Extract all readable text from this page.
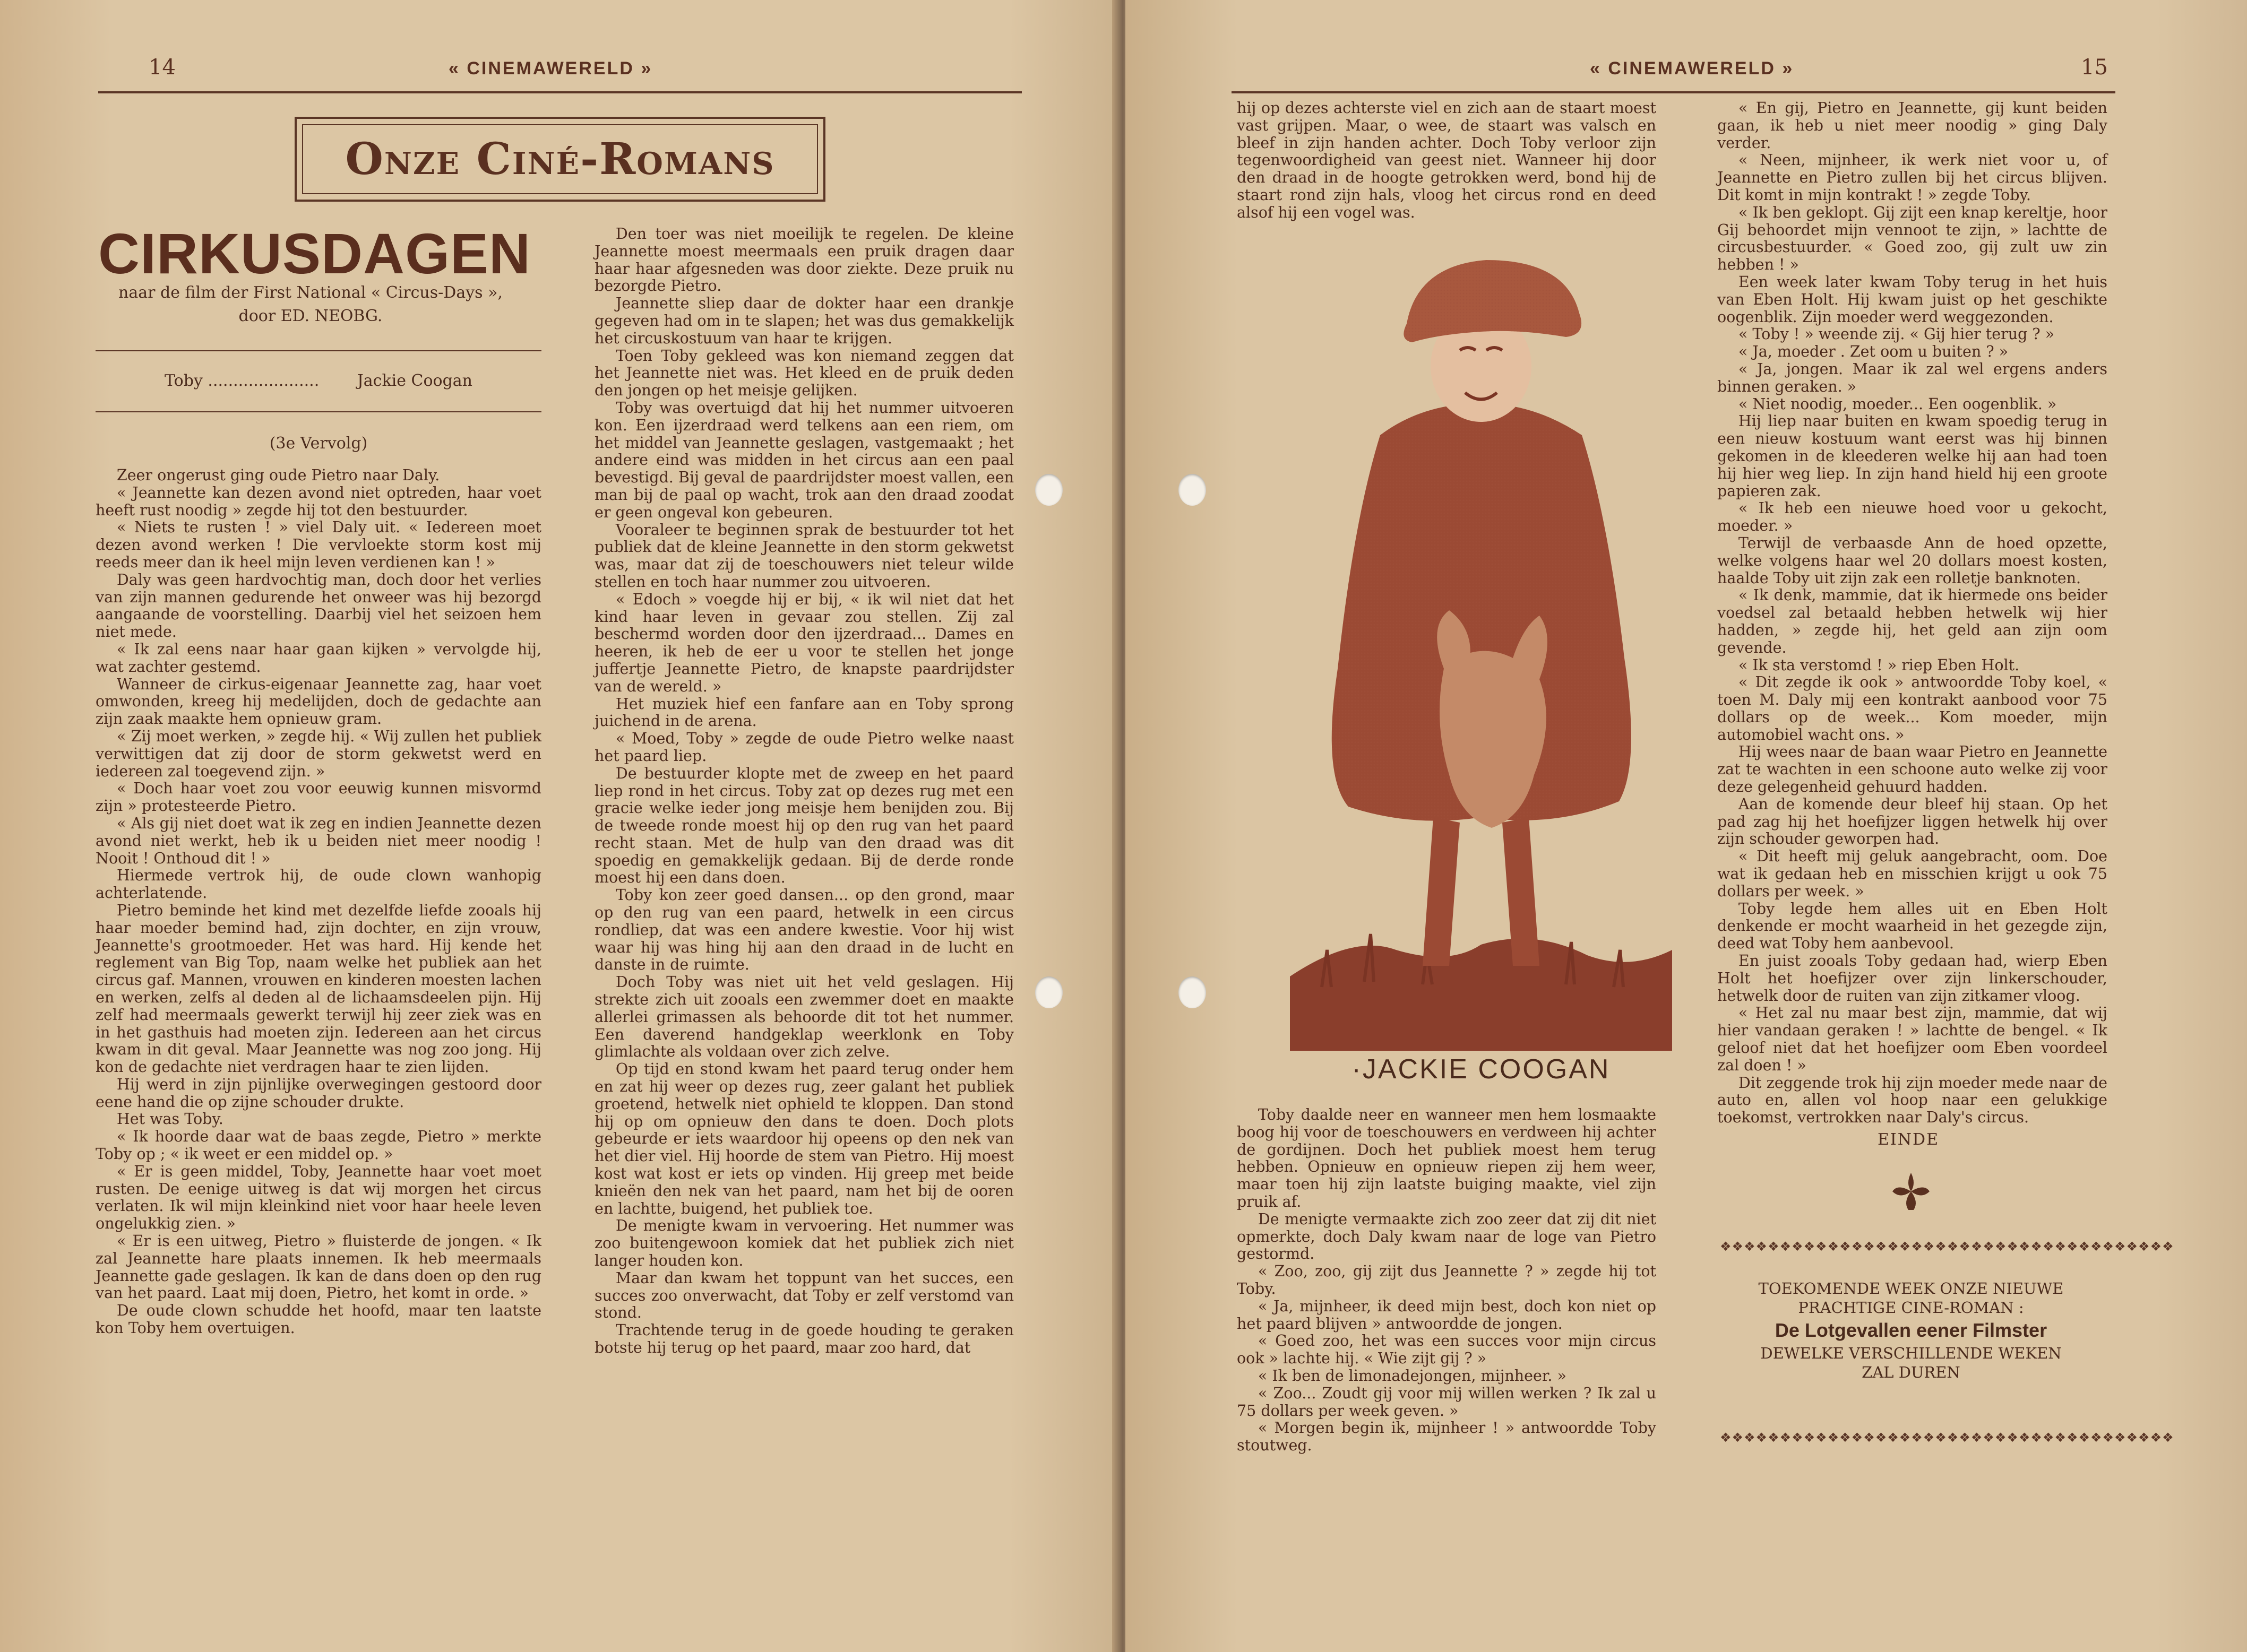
14	« CINEMAWERELD »
Onze Ciné-Romans
CIRKUSDAGEN
naar de film der First National « Circus-Days »,
door ED. NEOBG.
Toby ...................... Jackie Coogan
(3e Vervolg)

Zeer ongerust ging oude Pietro naar Daly.

« Jeannette kan dezen avond niet optreden, haar voet heeft rust noodig » zegde hij tot den bestuurder.

« Niets te rusten ! » viel Daly uit. « Iedereen moet dezen avond werken ! Die vervloekte storm kost mij reeds meer dan ik heel mijn leven verdienen kan ! »

Daly was geen hardvochtig man, doch door het verlies van zijn mannen gedurende het onweer was hij bezorgd aangaande de voorstelling. Daarbij viel het seizoen hem niet mede.

« Ik zal eens naar haar gaan kijken » vervolgde hij, wat zachter gestemd.

Wanneer de cirkus-eigenaar Jeannette zag, haar voet omwonden, kreeg hij medelijden, doch de gedachte aan zijn zaak maakte hem opnieuw gram.

« Zij moet werken, » zegde hij. « Wij zullen het publiek verwittigen dat zij door de storm gekwetst werd en iedereen zal toegevend zijn. »

« Doch haar voet zou voor eeuwig kunnen misvormd zijn » protesteerde Pietro.

« Als gij niet doet wat ik zeg en indien Jeannette dezen avond niet werkt, heb ik u beiden niet meer noodig ! Nooit ! Onthoud dit ! »

Hiermede vertrok hij, de oude clown wanhopig achterlatende.

Pietro beminde het kind met dezelfde liefde zooals hij haar moeder bemind had, zijn dochter, en zijn vrouw, Jeannette's grootmoeder. Het was hard. Hij kende het reglement van Big Top, naam welke het publiek aan het circus gaf. Mannen, vrouwen en kinderen moesten lachen en werken, zelfs al deden al de lichaamsdeelen pijn. Hij zelf had meermaals gewerkt terwijl hij zeer ziek was en in het gasthuis had moeten zijn. Iedereen aan het circus kwam in dit geval. Maar Jeannette was nog zoo jong. Hij kon de gedachte niet verdragen haar te zien lijden.

Hij werd in zijn pijnlijke overwegingen gestoord door eene hand die op zijne schouder drukte.

Het was Toby.

« Ik hoorde daar wat de baas zegde, Pietro » merkte Toby op ; « ik weet er een middel op. »

« Er is geen middel, Toby, Jeannette haar voet moet rusten. De eenige uitweg is dat wij morgen het circus verlaten. Ik wil mijn kleinkind niet voor haar heele leven ongelukkig zien. »

« Er is een uitweg, Pietro » fluisterde de jongen. « Ik zal Jeannette hare plaats innemen. Ik heb meermaals Jeannette gade geslagen. Ik kan de dans doen op den rug van het paard. Laat mij doen, Pietro, het komt in orde. »

De oude clown schudde het hoofd, maar ten laatste kon Toby hem overtuigen.

Den toer was niet moeilijk te regelen. De kleine Jeannette moest meermaals een pruik dragen daar haar haar afgesneden was door ziekte. Deze pruik nu bezorgde Pietro.

Jeannette sliep daar de dokter haar een drankje gegeven had om in te slapen; het was dus gemakkelijk het circuskostuum van haar te krijgen.

Toen Toby gekleed was kon niemand zeggen dat het Jeannette niet was. Het kleed en de pruik deden den jongen op het meisje gelijken.

Toby was overtuigd dat hij het nummer uitvoeren kon. Een ijzerdraad werd telkens aan een riem, om het middel van Jeannette geslagen, vastgemaakt ; het andere eind was midden in het circus aan een paal bevestigd. Bij geval de paardrijdster moest vallen, een man bij de paal op wacht, trok aan den draad zoodat er geen ongeval kon gebeuren.

Vooraleer te beginnen sprak de bestuurder tot het publiek dat de kleine Jeannette in den storm gekwetst was, maar dat zij de toeschouwers niet teleur wilde stellen en toch haar nummer zou uitvoeren.

« Edoch » voegde hij er bij, « ik wil niet dat het kind haar leven in gevaar zou stellen. Zij zal beschermd worden door den ijzerdraad... Dames en heeren, ik heb de eer u voor te stellen het jonge juffertje Jeannette Pietro, de knapste paardrijdster van de wereld. »

Het muziek hief een fanfare aan en Toby sprong juichend in de arena.

« Moed, Toby » zegde de oude Pietro welke naast het paard liep.

De bestuurder klopte met de zweep en het paard liep rond in het circus. Toby zat op dezes rug met een gracie welke ieder jong meisje hem benijden zou. Bij de tweede ronde moest hij op den rug van het paard recht staan. Met de hulp van den draad was dit spoedig en gemakkelijk gedaan. Bij de derde ronde moest hij een dans doen.

Toby kon zeer goed dansen... op den grond, maar op den rug van een paard, hetwelk in een circus rondliep, dat was een andere kwestie. Voor hij wist waar hij was hing hij aan den draad in de lucht en danste in de ruimte.

Doch Toby was niet uit het veld geslagen. Hij strekte zich uit zooals een zwemmer doet en maakte allerlei grimassen als behoorde dit tot het nummer. Een daverend handgeklap weerklonk en Toby glimlachte als voldaan over zich zelve.

Op tijd en stond kwam het paard terug onder hem en zat hij weer op dezes rug, zeer galant het publiek groetend, hetwelk niet ophield te kloppen. Dan stond hij op om opnieuw den dans te doen. Doch plots gebeurde er iets waardoor hij opeens op den nek van het dier viel. Hij hoorde de stem van Pietro. Hij moest kost wat kost er iets op vinden. Hij greep met beide knieën den nek van het paard, nam het bij de ooren en lachtte, buigend, het publiek toe.

De menigte kwam in vervoering. Het nummer was zoo buitengewoon komiek dat het publiek zich niet langer houden kon.

Maar dan kwam het toppunt van het succes, een succes zoo onverwacht, dat Toby er zelf verstomd van stond.

Trachtende terug in de goede houding te geraken botste hij terug op het paard, maar zoo hard, dat

« CINEMAWERELD »	15

hij op dezes achterste viel en zich aan de staart moest vast grijpen. Maar, o wee, de staart was valsch en bleef in zijn handen achter. Doch Toby verloor zijn tegenwoordigheid van geest niet. Wanneer hij door den draad in de hoogte getrokken werd, bond hij de staart rond zijn hals, vloog het circus rond en deed alsof hij een vogel was.

·JACKIE COOGAN

Toby daalde neer en wanneer men hem losmaakte boog hij voor de toeschouwers en verdween hij achter de gordijnen. Doch het publiek moest hem terug hebben. Opnieuw en opnieuw riepen zij hem weer, maar toen hij zijn laatste buiging maakte, viel zijn pruik af.

De menigte vermaakte zich zoo zeer dat zij dit niet opmerkte, doch Daly kwam naar de loge van Pietro gestormd.

« Zoo, zoo, gij zijt dus Jeannette ? » zegde hij tot Toby.

« Ja, mijnheer, ik deed mijn best, doch kon niet op het paard blijven » antwoordde de jongen.

« Goed zoo, het was een succes voor mijn circus ook » lachte hij. « Wie zijt gij ? »

« Ik ben de limonadejongen, mijnheer. »

« Zoo... Zoudt gij voor mij willen werken ? Ik zal u 75 dollars per week geven. »

« Morgen begin ik, mijnheer ! » antwoordde Toby stoutweg.

« En gij, Pietro en Jeannette, gij kunt beiden gaan, ik heb u niet meer noodig » ging Daly verder.

« Neen, mijnheer, ik werk niet voor u, of Jeannette en Pietro zullen bij het circus blijven. Dit komt in mijn kontrakt ! » zegde Toby.

« Ik ben geklopt. Gij zijt een knap kereltje, hoor Gij behoordet mijn vennoot te zijn, » lachtte de circusbestuurder. « Goed zoo, gij zult uw zin hebben ! »

Een week later kwam Toby terug in het huis van Eben Holt. Hij kwam juist op het geschikte oogenblik. Zijn moeder werd weggezonden.

« Toby ! » weende zij. « Gij hier terug ? »

« Ja, moeder . Zet oom u buiten ? »

« Ja, jongen. Maar ik zal wel ergens anders binnen geraken. »

« Niet noodig, moeder... Een oogenblik. »

Hij liep naar buiten en kwam spoedig terug in een nieuw kostuum want eerst was hij binnen gekomen in de kleederen welke hij aan had toen hij hier weg liep. In zijn hand hield hij een groote papieren zak.

« Ik heb een nieuwe hoed voor u gekocht, moeder. »

Terwijl de verbaasde Ann de hoed opzette, welke volgens haar wel 20 dollars moest kosten, haalde Toby uit zijn zak een rolletje banknoten.

« Ik denk, mammie, dat ik hiermede ons beider voedsel zal betaald hebben hetwelk wij hier hadden, » zegde hij, het geld aan zijn oom gevende.

« Ik sta verstomd ! » riep Eben Holt.

« Dit zegde ik ook » antwoordde Toby koel, « toen M. Daly mij een kontrakt aanbood voor 75 dollars op de week... Kom moeder, mijn automobiel wacht ons. »

Hij wees naar de baan waar Pietro en Jeannette zat te wachten in een schoone auto welke zij voor deze gelegenheid gehuurd hadden.

Aan de komende deur bleef hij staan. Op het pad zag hij het hoefijzer liggen hetwelk hij over zijn schouder geworpen had.

« Dit heeft mij geluk aangebracht, oom. Doe wat ik gedaan heb en misschien krijgt u ook 75 dollars per week. »

Toby legde hem alles uit en Eben Holt denkende er mocht waarheid in het gezegde zijn, deed wat Toby hem aanbevool.

En juist zooals Toby gedaan had, wierp Eben Holt het hoefijzer over zijn linkerschouder, hetwelk door de ruiten van zijn zitkamer vloog.

« Het zal nu maar best zijn, mammie, dat wij hier vandaan geraken ! » lachtte de bengel. « Ik geloof niet dat het hoefijzer oom Eben voordeel zal doen ! »

Dit zeggende trok hij zijn moeder mede naar de auto en, allen vol hoop naar een gelukkige toekomst, vertrokken naar Daly's circus.

EINDE
❖❖❖❖❖❖❖❖❖❖❖❖❖❖❖❖❖❖❖❖❖❖❖❖❖❖❖❖❖❖❖❖❖❖❖❖❖❖
TOEKOMENDE WEEK ONZE NIEUWE
PRACHTIGE CINE-ROMAN :
De Lotgevallen eener Filmster
DEWELKE VERSCHILLENDE WEKEN
ZAL DUREN
❖❖❖❖❖❖❖❖❖❖❖❖❖❖❖❖❖❖❖❖❖❖❖❖❖❖❖❖❖❖❖❖❖❖❖❖❖❖
